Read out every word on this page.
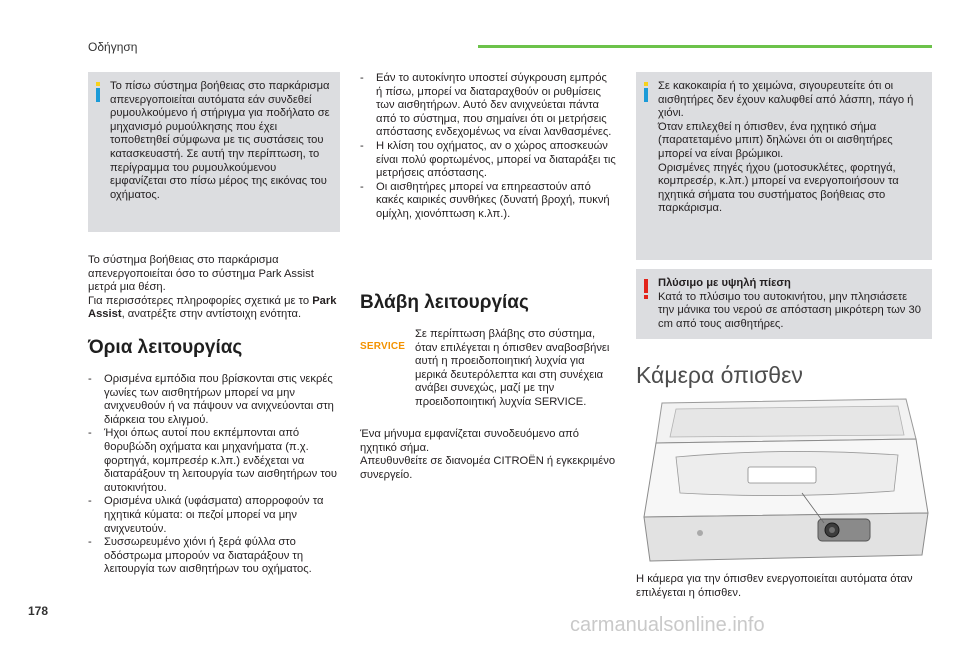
Οδήγηση
Το πίσω σύστημα βοήθειας στο παρκάρισμα απενεργοποιείται αυτόματα εάν συνδεθεί ρυμουλκούμενο ή στήριγμα για ποδήλατο σε μηχανισμό ρυμούλκησης που έχει τοποθετηθεί σύμφωνα με τις συστάσεις του κατασκευαστή. Σε αυτή την περίπτωση, το περίγραμμα του ρυμουλκούμενου εμφανίζεται στο πίσω μέρος της εικόνας του οχήματος.

Το σύστημα βοήθειας στο παρκάρισμα απενεργοποιείται όσο το σύστημα Park Assist μετρά μια θέση.

Για περισσότερες πληροφορίες σχετικά με το Park Assist, ανατρέξτε στην αντίστοιχη ενότητα.

Όρια λειτουργίας
- Ορισμένα εμπόδια που βρίσκονται στις νεκρές γωνίες των αισθητήρων μπορεί να μην ανιχνευθούν ή να πάψουν να ανιχνεύονται στη διάρκεια του ελιγμού.
- Ήχοι όπως αυτοί που εκπέμπονται από θορυβώδη οχήματα και μηχανήματα (π.χ. φορτηγά, κομπρεσέρ κ.λπ.) ενδέχεται να διαταράξουν τη λειτουργία των αισθητήρων του αυτοκινήτου.
- Ορισμένα υλικά (υφάσματα) απορροφούν τα ηχητικά κύματα: οι πεζοί μπορεί να μην ανιχνευτούν.
- Συσσωρευμένο χιόνι ή ξερά φύλλα στο οδόστρωμα μπορούν να διαταράξουν τη λειτουργία των αισθητήρων του οχήματος.
- Εάν το αυτοκίνητο υποστεί σύγκρουση εμπρός ή πίσω, μπορεί να διαταραχθούν οι ρυθμίσεις των αισθητήρων. Αυτό δεν ανιχνεύεται πάντα από το σύστημα, που σημαίνει ότι οι μετρήσεις απόστασης ενδεχομένως να είναι λανθασμένες.
- Η κλίση του οχήματος, αν ο χώρος αποσκευών είναι πολύ φορτωμένος, μπορεί να διαταράξει τις μετρήσεις απόστασης.
- Οι αισθητήρες μπορεί να επηρεαστούν από κακές καιρικές συνθήκες (δυνατή βροχή, πυκνή ομίχλη, χιονόπτωση κ.λπ.).
Βλάβη λειτουργίας
SERVICE
Σε περίπτωση βλάβης στο σύστημα, όταν επιλέγεται η όπισθεν αναβοσβήνει αυτή η προειδοποιητική λυχνία για μερικά δευτερόλεπτα και στη συνέχεια ανάβει συνεχώς, μαζί με την προειδοποιητική λυχνία SERVICE.

Ένα μήνυμα εμφανίζεται συνοδευόμενο από ηχητικό σήμα.

Απευθυνθείτε σε διανομέα CITROËN ή εγκεκριμένο συνεργείο.

Σε κακοκαιρία ή το χειμώνα, σιγουρευτείτε ότι οι αισθητήρες δεν έχουν καλυφθεί από λάσπη, πάγο ή χιόνι.
Όταν επιλεχθεί η όπισθεν, ένα ηχητικό σήμα (παρατεταμένο μπιπ) δηλώνει ότι οι αισθητήρες μπορεί να είναι βρώμικοι.
Ορισμένες πηγές ήχου (μοτοσυκλέτες, φορτηγά, κομπρεσέρ, κ.λπ.) μπορεί να ενεργοποιήσουν τα ηχητικά σήματα του συστήματος βοήθειας στο παρκάρισμα.
Πλύσιμο με υψηλή πίεση
Κατά το πλύσιμο του αυτοκινήτου, μην πλησιάσετε την μάνικα του νερού σε απόσταση μικρότερη των 30 cm από τους αισθητήρες.
Κάμερα όπισθεν
Η κάμερα για την όπισθεν ενεργοποιείται αυτόματα όταν επιλέγεται η όπισθεν.
178
carmanualsonline.info
